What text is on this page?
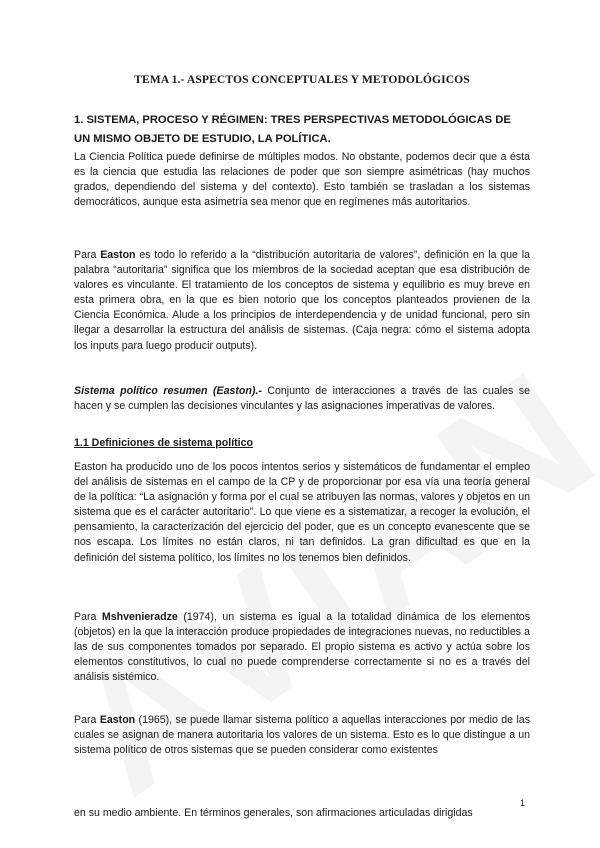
TEMA 1.- ASPECTOS CONCEPTUALES Y METODOLÓGICOS
1. SISTEMA, PROCESO Y RÉGIMEN: TRES PERSPECTIVAS METODOLÓGICAS DE UN MISMO OBJETO DE ESTUDIO, LA POLÍTICA.
La Ciencia Política puede definirse de múltiples modos. No obstante, podemos decir que a ésta es la ciencia que estudia las relaciones de poder que son siempre asimétricas (hay muchos grados, dependiendo del sistema y del contexto). Esto también se trasladan a los sistemas democráticos, aunque esta asimetría sea menor que en regímenes más autoritarios.
Para Easton es todo lo referido a la “distribución autoritaria de valores”, definición en la que la palabra “autoritaria” significa que los miembros de la sociedad aceptan que esa distribución de valores es vinculante. El tratamiento de los conceptos de sistema y equilibrio es muy breve en esta primera obra, en la que es bien notorio que los conceptos planteados provienen de la Ciencia Económica. Alude a los principios de interdependencia y de unidad funcional, pero sin llegar a desarrollar la estructura del análisis de sistemas. (Caja negra: cómo el sistema adopta los inputs para luego producir outputs).
Sistema político resumen (Easton).- Conjunto de interacciones a través de las cuales se hacen y se cumplen las decisiones vinculantes y las asignaciones imperativas de valores.
1.1 Definiciones de sistema político
Easton ha producido uno de los pocos intentos serios y sistemáticos de fundamentar el empleo del análisis de sistemas en el campo de la CP y de proporcionar por esa vía una teoría general de la política: “La asignación y forma por el cual se atribuyen las normas, valores y objetos en un sistema que es el carácter autoritario”. Lo que viene es a sistematizar, a recoger la evolución, el pensamiento, la caracterización del ejercicio del poder, que es un concepto evanescente que se nos escapa. Los límites no están claros, ni tan definidos. La gran dificultad es que en la definición del sistema político, los límites no los tenemos bien definidos.
Para Mshvenieradze (1974), un sistema es igual a la totalidad dinámica de los elementos (objetos) en la que la interacción produce propiedades de integraciones nuevas, no reductibles a las de sus componentes tomados por separado. El propio sistema es activo y actúa sobre los elementos constitutivos, lo cual no puede comprenderse correctamente si no es a través del análisis sistémico.
Para Easton (1965), se puede llamar sistema político a aquellas interacciones por medio de las cuales se asignan de manera autoritaria los valores de un sistema. Esto es lo que distingue a un sistema político de otros sistemas que se pueden considerar como existentes
1
en su medio ambiente. En términos generales, son afirmaciones articuladas dirigidas
